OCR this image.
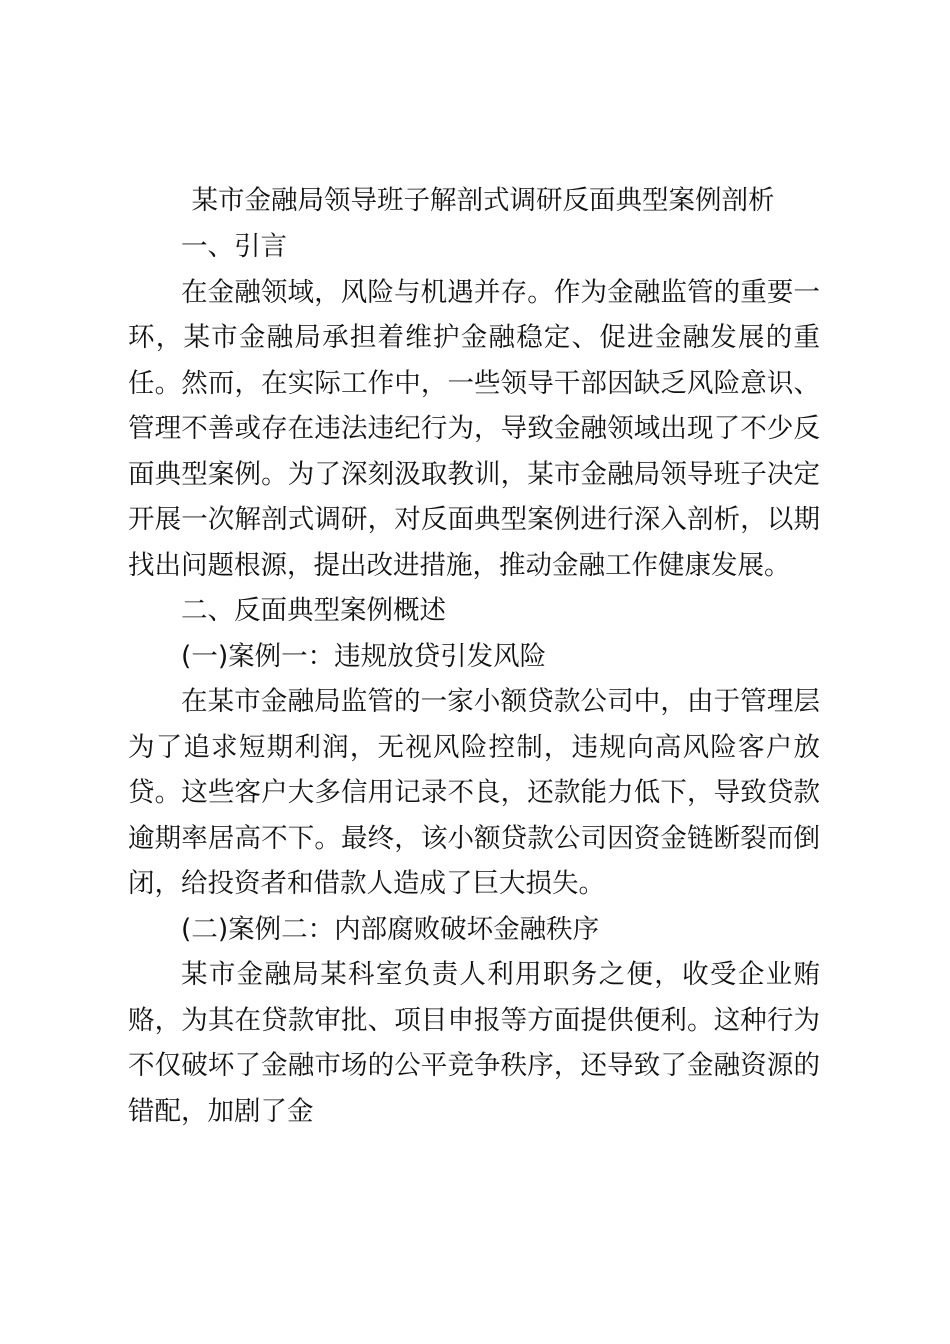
某市金融局领导班子解剖式调研反面典型案例剖析

一、引言

在金融领域，风险与机遇并存。作为金融监管的重要一环，某市金融局承担着维护金融稳定、促进金融发展的重任。然而，在实际工作中，一些领导干部因缺乏风险意识、管理不善或存在违法违纪行为，导致金融领域出现了不少反面典型案例。为了深刻汲取教训，某市金融局领导班子决定开展一次解剖式调研，对反面典型案例进行深入剖析，以期找出问题根源，提出改进措施，推动金融工作健康发展。

二、反面典型案例概述

(一)案例一：违规放贷引发风险

在某市金融局监管的一家小额贷款公司中，由于管理层为了追求短期利润，无视风险控制，违规向高风险客户放贷。这些客户大多信用记录不良，还款能力低下，导致贷款逾期率居高不下。最终，该小额贷款公司因资金链断裂而倒闭，给投资者和借款人造成了巨大损失。

(二)案例二：内部腐败破坏金融秩序

某市金融局某科室负责人利用职务之便，收受企业贿赂，为其在贷款审批、项目申报等方面提供便利。这种行为不仅破坏了金融市场的公平竞争秩序，还导致了金融资源的错配，加剧了金
